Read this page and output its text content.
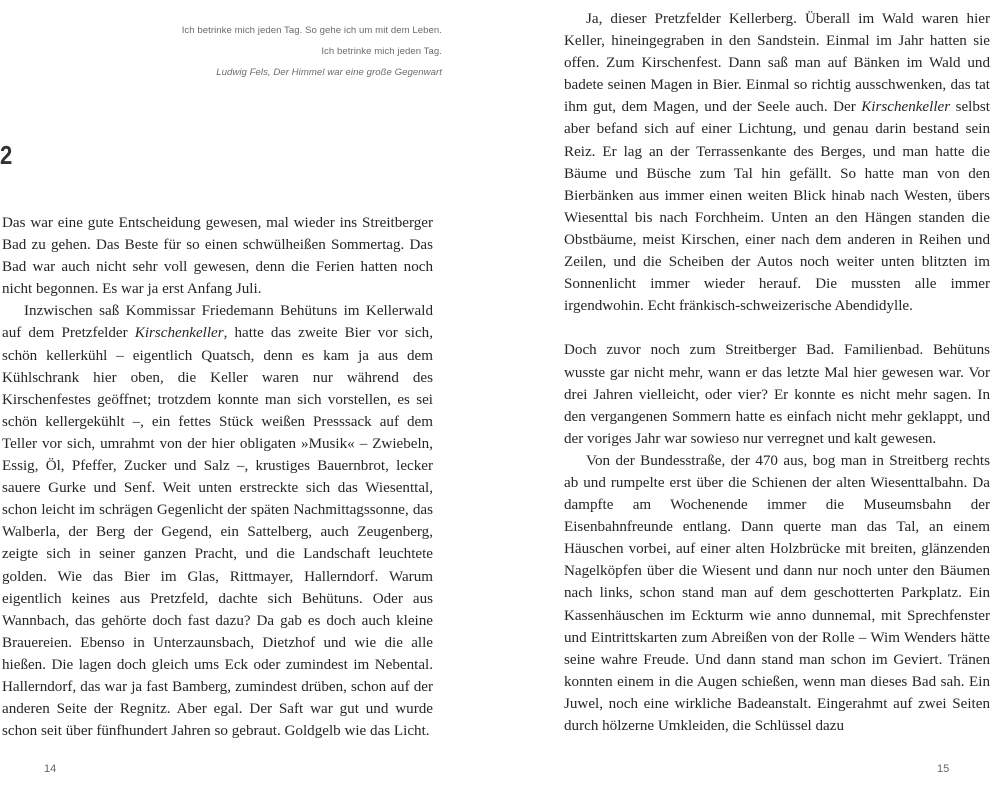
Ich betrinke mich jeden Tag. So gehe ich um mit dem Leben.
Ich betrinke mich jeden Tag.
Ludwig Fels, Der Himmel war eine große Gegenwart
2

Das war eine gute Entscheidung gewesen, mal wieder ins Streitberger Bad zu gehen. Das Beste für so einen schwülheißen Sommertag. Das Bad war auch nicht sehr voll gewesen, denn die Ferien hatten noch nicht begonnen. Es war ja erst Anfang Juli.

Inzwischen saß Kommissar Friedemann Behütuns im Kellerwald auf dem Pretzfelder Kirschenkeller, hatte das zweite Bier vor sich, schön kellerkühl – eigentlich Quatsch, denn es kam ja aus dem Kühlschrank hier oben, die Keller waren nur während des Kirschenfestes geöffnet; trotzdem konnte man sich vorstellen, es sei schön kellergekühlt –, ein fettes Stück weißen Presssack auf dem Teller vor sich, umrahmt von der hier obligaten »Musik« – Zwiebeln, Essig, Öl, Pfeffer, Zucker und Salz –, krustiges Bauernbrot, lecker sauere Gurke und Senf. Weit unten erstreckte sich das Wiesenttal, schon leicht im schrägen Gegenlicht der späten Nachmittagssonne, das Walberla, der Berg der Gegend, ein Sattelberg, auch Zeugenberg, zeigte sich in seiner ganzen Pracht, und die Landschaft leuchtete golden. Wie das Bier im Glas, Rittmayer, Hallerndorf. Warum eigentlich keines aus Pretzfeld, dachte sich Behütuns. Oder aus Wannbach, das gehörte doch fast dazu? Da gab es doch auch kleine Brauereien. Ebenso in Unterzaunsbach, Dietzhof und wie die alle hießen. Die lagen doch gleich ums Eck oder zumindest im Nebental. Hallerndorf, das war ja fast Bamberg, zumindest drüben, schon auf der anderen Seite der Regnitz. Aber egal. Der Saft war gut und wurde schon seit über fünfhundert Jahren so gebraut. Goldgelb wie das Licht.

14

Ja, dieser Pretzfelder Kellerberg. Überall im Wald waren hier Keller, hineingegraben in den Sandstein. Einmal im Jahr hatten sie offen. Zum Kirschenfest. Dann saß man auf Bänken im Wald und badete seinen Magen in Bier. Einmal so richtig ausschwenken, das tat ihm gut, dem Magen, und der Seele auch. Der Kirschenkeller selbst aber befand sich auf einer Lichtung, und genau darin bestand sein Reiz. Er lag an der Terrassenkante des Berges, und man hatte die Bäume und Büsche zum Tal hin gefällt. So hatte man von den Bierbänken aus immer einen weiten Blick hinab nach Westen, übers Wiesenttal bis nach Forchheim. Unten an den Hängen standen die Obstbäume, meist Kirschen, einer nach dem anderen in Reihen und Zeilen, und die Scheiben der Autos noch weiter unten blitzten im Sonnenlicht immer wieder herauf. Die mussten alle immer irgendwohin. Echt fränkisch-schweizerische Abendidylle.

Doch zuvor noch zum Streitberger Bad. Familienbad. Behütuns wusste gar nicht mehr, wann er das letzte Mal hier gewesen war. Vor drei Jahren vielleicht, oder vier? Er konnte es nicht mehr sagen. In den vergangenen Sommern hatte es einfach nicht mehr geklappt, und der voriges Jahr war sowieso nur verregnet und kalt gewesen.

Von der Bundesstraße, der 470 aus, bog man in Streitberg rechts ab und rumpelte erst über die Schienen der alten Wiesenttalbahn. Da dampfte am Wochenende immer die Museumsbahn der Eisenbahnfreunde entlang. Dann querte man das Tal, an einem Häuschen vorbei, auf einer alten Holzbrücke mit breiten, glänzenden Nagelköpfen über die Wiesent und dann nur noch unter den Bäumen nach links, schon stand man auf dem geschotterten Parkplatz. Ein Kassenhäuschen im Eckturm wie anno dunnemal, mit Sprechfenster und Eintrittskarten zum Abreißen von der Rolle – Wim Wenders hätte seine wahre Freude. Und dann stand man schon im Geviert. Tränen konnten einem in die Augen schießen, wenn man dieses Bad sah. Ein Juwel, noch eine wirkliche Badeanstalt. Eingerahmt auf zwei Seiten durch hölzerne Umkleiden, die Schlüssel dazu

15
